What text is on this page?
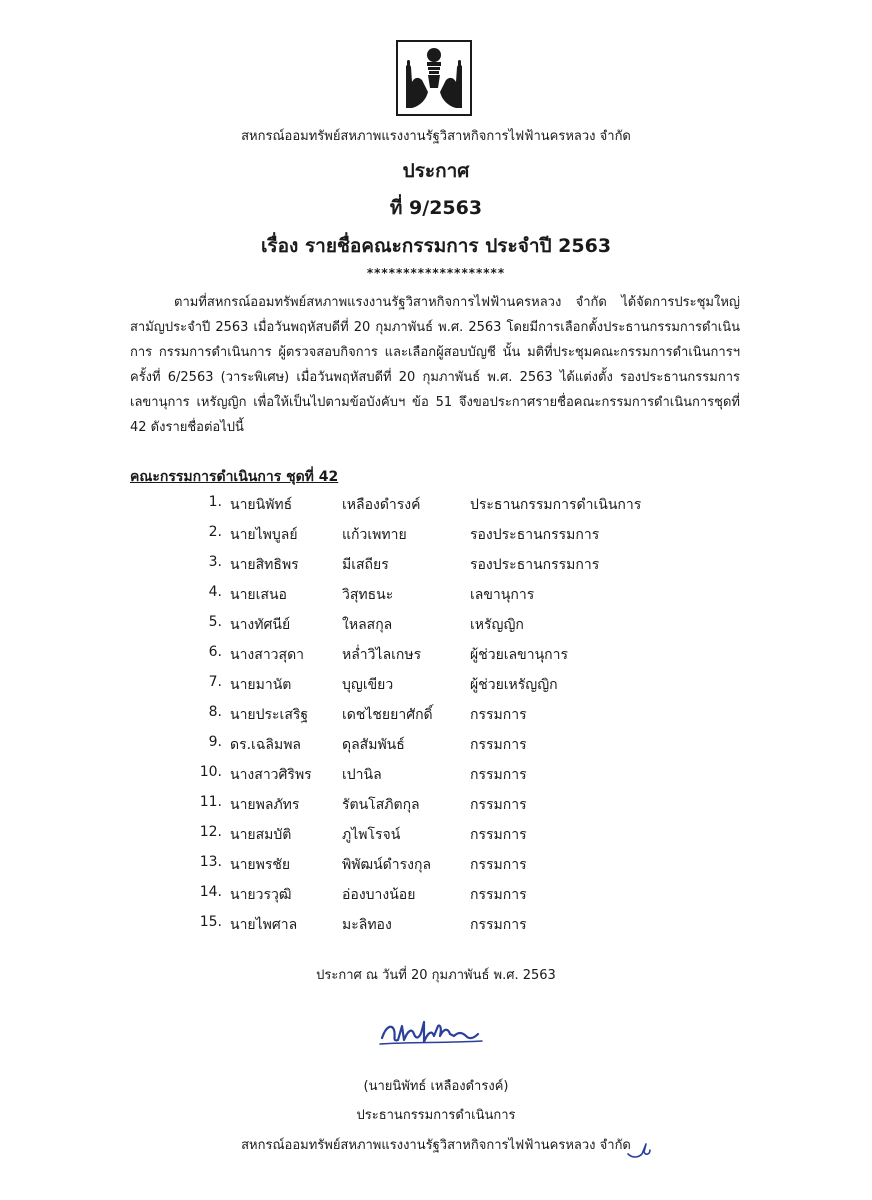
สหกรณ์ออมทรัพย์สหภาพแรงงานรัฐวิสาหกิจการไฟฟ้านครหลวง จำกัด
ประกาศ
ที่ 9/2563
เรื่อง รายชื่อคณะกรรมการ ประจำปี 2563
*******************

ตามที่สหกรณ์ออมทรัพย์สหภาพแรงงานรัฐวิสาหกิจการไฟฟ้านครหลวง จำกัด ได้จัดการประชุมใหญ่สามัญประจำปี 2563 เมื่อวันพฤหัสบดีที่ 20 กุมภาพันธ์ พ.ศ. 2563 โดยมีการเลือกตั้งประธานกรรมการดำเนินการ กรรมการดำเนินการ ผู้ตรวจสอบกิจการ และเลือกผู้สอบบัญชี นั้น มติที่ประชุมคณะกรรมการดำเนินการฯ ครั้งที่ 6/2563 (วาระพิเศษ) เมื่อวันพฤหัสบดีที่ 20 กุมภาพันธ์ พ.ศ. 2563 ได้แต่งตั้ง รองประธานกรรมการ เลขานุการ เหรัญญิก เพื่อให้เป็นไปตามข้อบังคับฯ ข้อ 51 จึงขอประกาศรายชื่อคณะกรรมการดำเนินการชุดที่ 42 ดังรายชื่อต่อไปนี้

คณะกรรมการดำเนินการ ชุดที่ 42
1. นายนิพัทธ์	เหลืองดำรงค์	ประธานกรรมการดำเนินการ
2. นายไพบูลย์	แก้วเพทาย	รองประธานกรรมการ
3. นายสิทธิพร	มีเสถียร	รองประธานกรรมการ
4. นายเสนอ	วิสุทธนะ	เลขานุการ
5. นางทัศนีย์	ใหลสกุล	เหรัญญิก
6. นางสาวสุดา	หล่ำวิไลเกษร	ผู้ช่วยเลขานุการ
7. นายมานัต	บุญเขียว	ผู้ช่วยเหรัญญิก
8. นายประเสริฐ เดชไชยยาศักดิ์	กรรมการ
9. ดร.เฉลิมพล	ดุลสัมพันธ์	กรรมการ
10. นางสาวศิริพร เปานิล	กรรมการ
11. นายพลภัทร	รัตนโสภิตกุล	กรรมการ
12. นายสมบัติ	ภูไพโรจน์	กรรมการ
13. นายพรชัย	พิพัฒน์ดำรงกุล	กรรมการ
14. นายวรวุฒิ	อ่องบางน้อย	กรรมการ
15. นายไพศาล	มะลิทอง	กรรมการ
ประกาศ ณ วันที่ 20 กุมภาพันธ์ พ.ศ. 2563
(นายนิพัทธ์ เหลืองดำรงค์)
ประธานกรรมการดำเนินการ
สหกรณ์ออมทรัพย์สหภาพแรงงานรัฐวิสาหกิจการไฟฟ้านครหลวง จำกัด
